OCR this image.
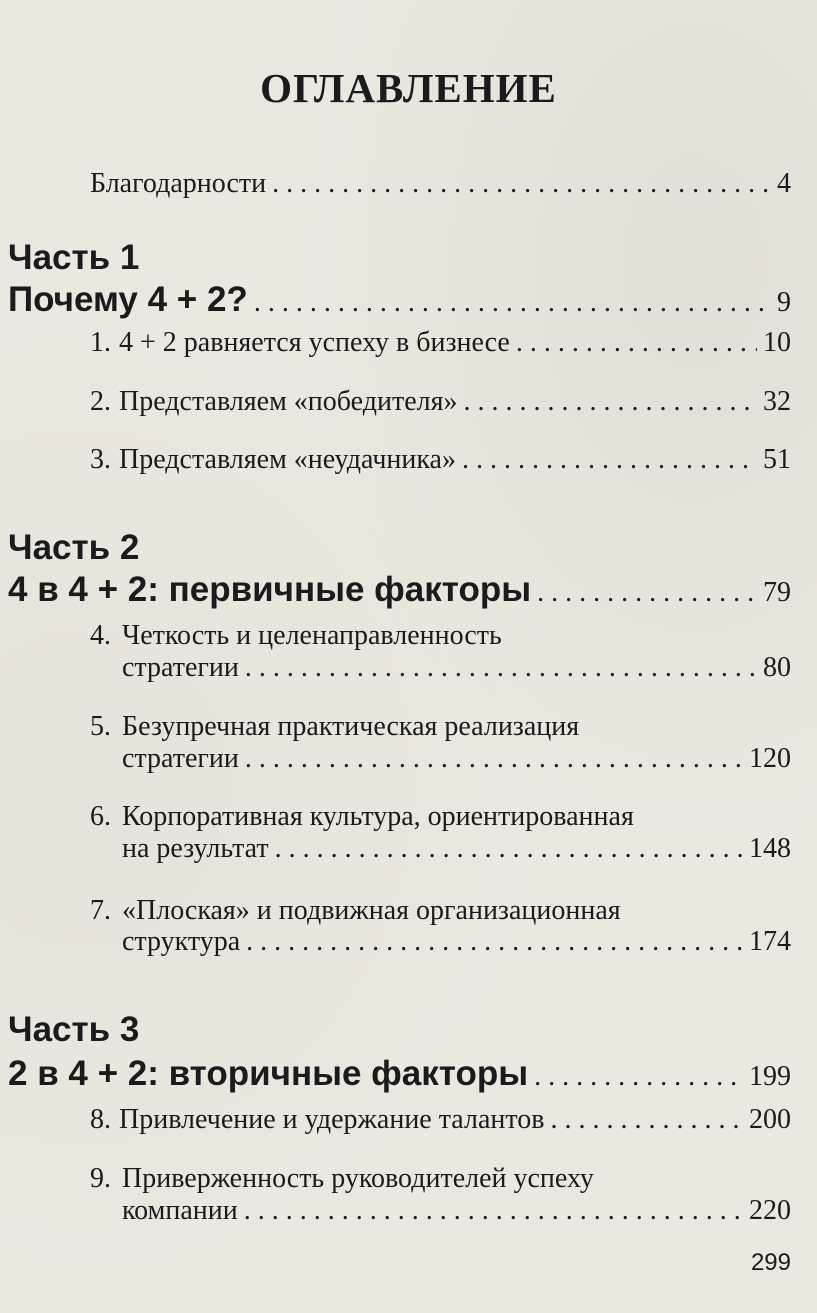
ОГЛАВЛЕНИЕ
Благодарности . . .	4
Часть 1
Почему 4 + 2? . . .	9
1. 4 + 2 равняется успеху в бизнесе . . .	10
2. Представляем «победителя» . . .	32
3. Представляем «неудачника» . . .	51
Часть 2
4 в 4 + 2: первичные факторы . . .	79
4. Четкость и целенаправленность
стратегии . . .	80
5. Безупречная практическая реализация
стратегии . . .	120
6. Корпоративная культура, ориентированная
на результат . . .	148
7. «Плоская» и подвижная организационная
структура . . .	174
Часть 3
2 в 4 + 2: вторичные факторы . . .	199
8. Привлечение и удержание талантов . . .	200
9. Приверженность руководителей успеху
компании . . .	220
299
